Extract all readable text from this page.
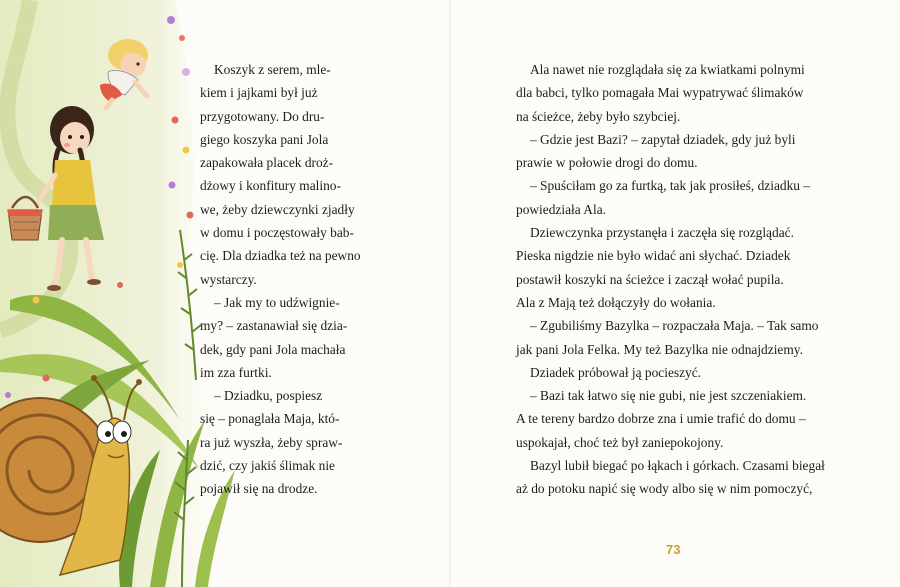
Koszyk z serem, mle-
kiem i jajkami był już
przygotowany. Do dru-
giego koszyka pani Jola
zapakowała placek droż-
dżowy i konfitury malino-
we, żeby dziewczynki zjadły
w domu i poczęstowały bab-
cię. Dla dziadka też na pewno
wystarczy.

– Jak my to udźwignie-
my? – zastanawiał się dzia-
dek, gdy pani Jola machała
im zza furtki.

– Dziadku, pospiesz
się – ponaglała Maja, któ-
ra już wyszła, żeby spraw-
dzić, czy jakiś ślimak nie
pojawił się na drodze.

Ala nawet nie rozglądała się za kwiatkami polnymi
dla babci, tylko pomagała Mai wypatrywać ślimaków
na ścieżce, żeby było szybciej.

– Gdzie jest Bazi? – zapytał dziadek, gdy już byli
prawie w połowie drogi do domu.

– Spuściłam go za furtką, tak jak prosiłeś, dziadku –
powiedziała Ala.

Dziewczynka przystanęła i zaczęła się rozglądać.
Pieska nigdzie nie było widać ani słychać. Dziadek
postawił koszyki na ścieżce i zaczął wołać pupila.
Ala z Mają też dołączyły do wołania.

– Zgubiliśmy Bazylka – rozpaczała Maja. – Tak samo
jak pani Jola Felka. My też Bazylka nie odnajdziemy.

Dziadek próbował ją pocieszyć.

– Bazi tak łatwo się nie gubi, nie jest szczeniakiem.
A te tereny bardzo dobrze zna i umie trafić do domu –
uspokajał, choć też był zaniepokojony.

Bazyl lubił biegać po łąkach i górkach. Czasami biegał
aż do potoku napić się wody albo się w nim pomoczyć,

73
